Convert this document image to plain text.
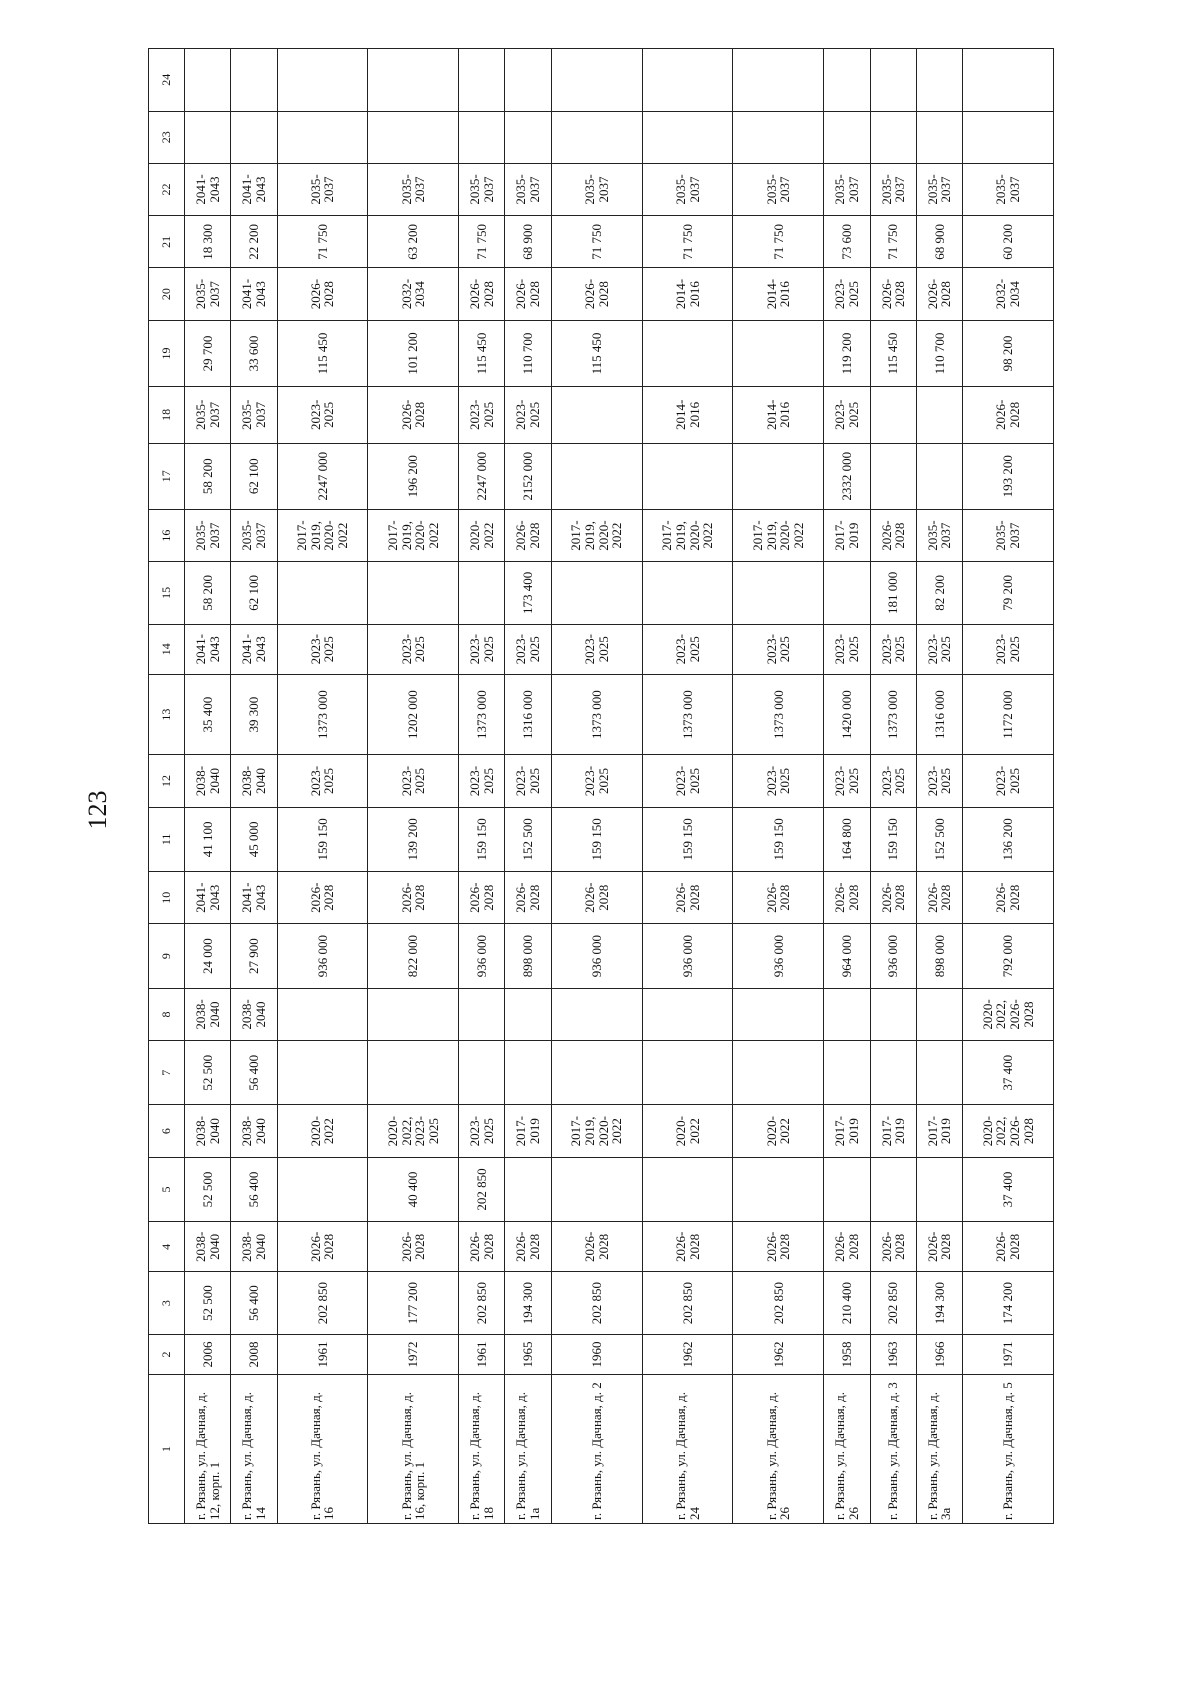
123
1	2	3	4	5	6	7	8	9	10	11	12	13	14	15	16	17	18	19	20	21	22	23	24
г. Рязань, ул. Дачная, д. 12, корп. 1	2006	52 500	2038-2040	52 500	2038-2040	52 500	2038-2040	24 000	2041-2043	41 100	2038-2040	35 400	2041-2043	58 200	2035-2037	58 200	2035-2037	29 700	2035-2037	18 300	2041-2043		
г. Рязань, ул. Дачная, д. 14	2008	56 400	2038-2040	56 400	2038-2040	56 400	2038-2040	27 900	2041-2043	45 000	2038-2040	39 300	2041-2043	62 100	2035-2037	62 100	2035-2037	33 600	2041-2043	22 200	2041-2043		
г. Рязань, ул. Дачная, д. 16	1961	202 850	2026-2028		2020-2022			936 000	2026-2028	159 150	2023-2025	1373 000	2023-2025		2017-2019, 2020-2022	2247 000	2023-2025	115 450	2026-2028	71 750	2035-2037		
г. Рязань, ул. Дачная, д. 16, корп. 1	1972	177 200	2026-2028	40 400	2020-2022, 2023-2025			822 000	2026-2028	139 200	2023-2025	1202 000	2023-2025		2017-2019, 2020-2022	196 200	2026-2028	101 200	2032-2034	63 200	2035-2037		
г. Рязань, ул. Дачная, д. 18	1961	202 850	2026-2028	202 850	2023-2025			936 000	2026-2028	159 150	2023-2025	1373 000	2023-2025		2020-2022	2247 000	2023-2025	115 450	2026-2028	71 750	2035-2037		
г. Рязань, ул. Дачная, д. 1а	1965	194 300	2026-2028		2017-2019			898 000	2026-2028	152 500	2023-2025	1316 000	2023-2025	173 400	2026-2028	2152 000	2023-2025	110 700	2026-2028	68 900	2035-2037		
г. Рязань, ул. Дачная, д. 2	1960	202 850	2026-2028		2017-2019, 2020-2022			936 000	2026-2028	159 150	2023-2025	1373 000	2023-2025		2017-2019, 2020-2022			115 450	2026-2028	71 750	2035-2037		
г. Рязань, ул. Дачная, д. 24	1962	202 850	2026-2028		2020-2022			936 000	2026-2028	159 150	2023-2025	1373 000	2023-2025		2017-2019, 2020-2022		2014-2016		2014-2016	71 750	2035-2037		
г. Рязань, ул. Дачная, д. 26	1962	202 850	2026-2028		2020-2022			936 000	2026-2028	159 150	2023-2025	1373 000	2023-2025		2017-2019, 2020-2022		2014-2016		2014-2016	71 750	2035-2037		
г. Рязань, ул. Дачная, д. 26	1958	210 400	2026-2028		2017-2019			964 000	2026-2028	164 800	2023-2025	1420 000	2023-2025		2017-2019	2332 000	2023-2025	119 200	2023-2025	73 600	2035-2037		
г. Рязань, ул. Дачная, д. 3	1963	202 850	2026-2028		2017-2019			936 000	2026-2028	159 150	2023-2025	1373 000	2023-2025	181 000	2026-2028			115 450	2026-2028	71 750	2035-2037		
г. Рязань, ул. Дачная, д. 3а	1966	194 300	2026-2028		2017-2019			898 000	2026-2028	152 500	2023-2025	1316 000	2023-2025	82 200	2035-2037			110 700	2026-2028	68 900	2035-2037		
г. Рязань, ул. Дачная, д. 5	1971	174 200	2026-2028	37 400	2020-2022, 2026-2028	37 400	2020-2022, 2026-2028	792 000	2026-2028	136 200	2023-2025	1172 000	2023-2025	79 200	2035-2037	193 200	2026-2028	98 200	2032-2034	60 200	2035-2037		
